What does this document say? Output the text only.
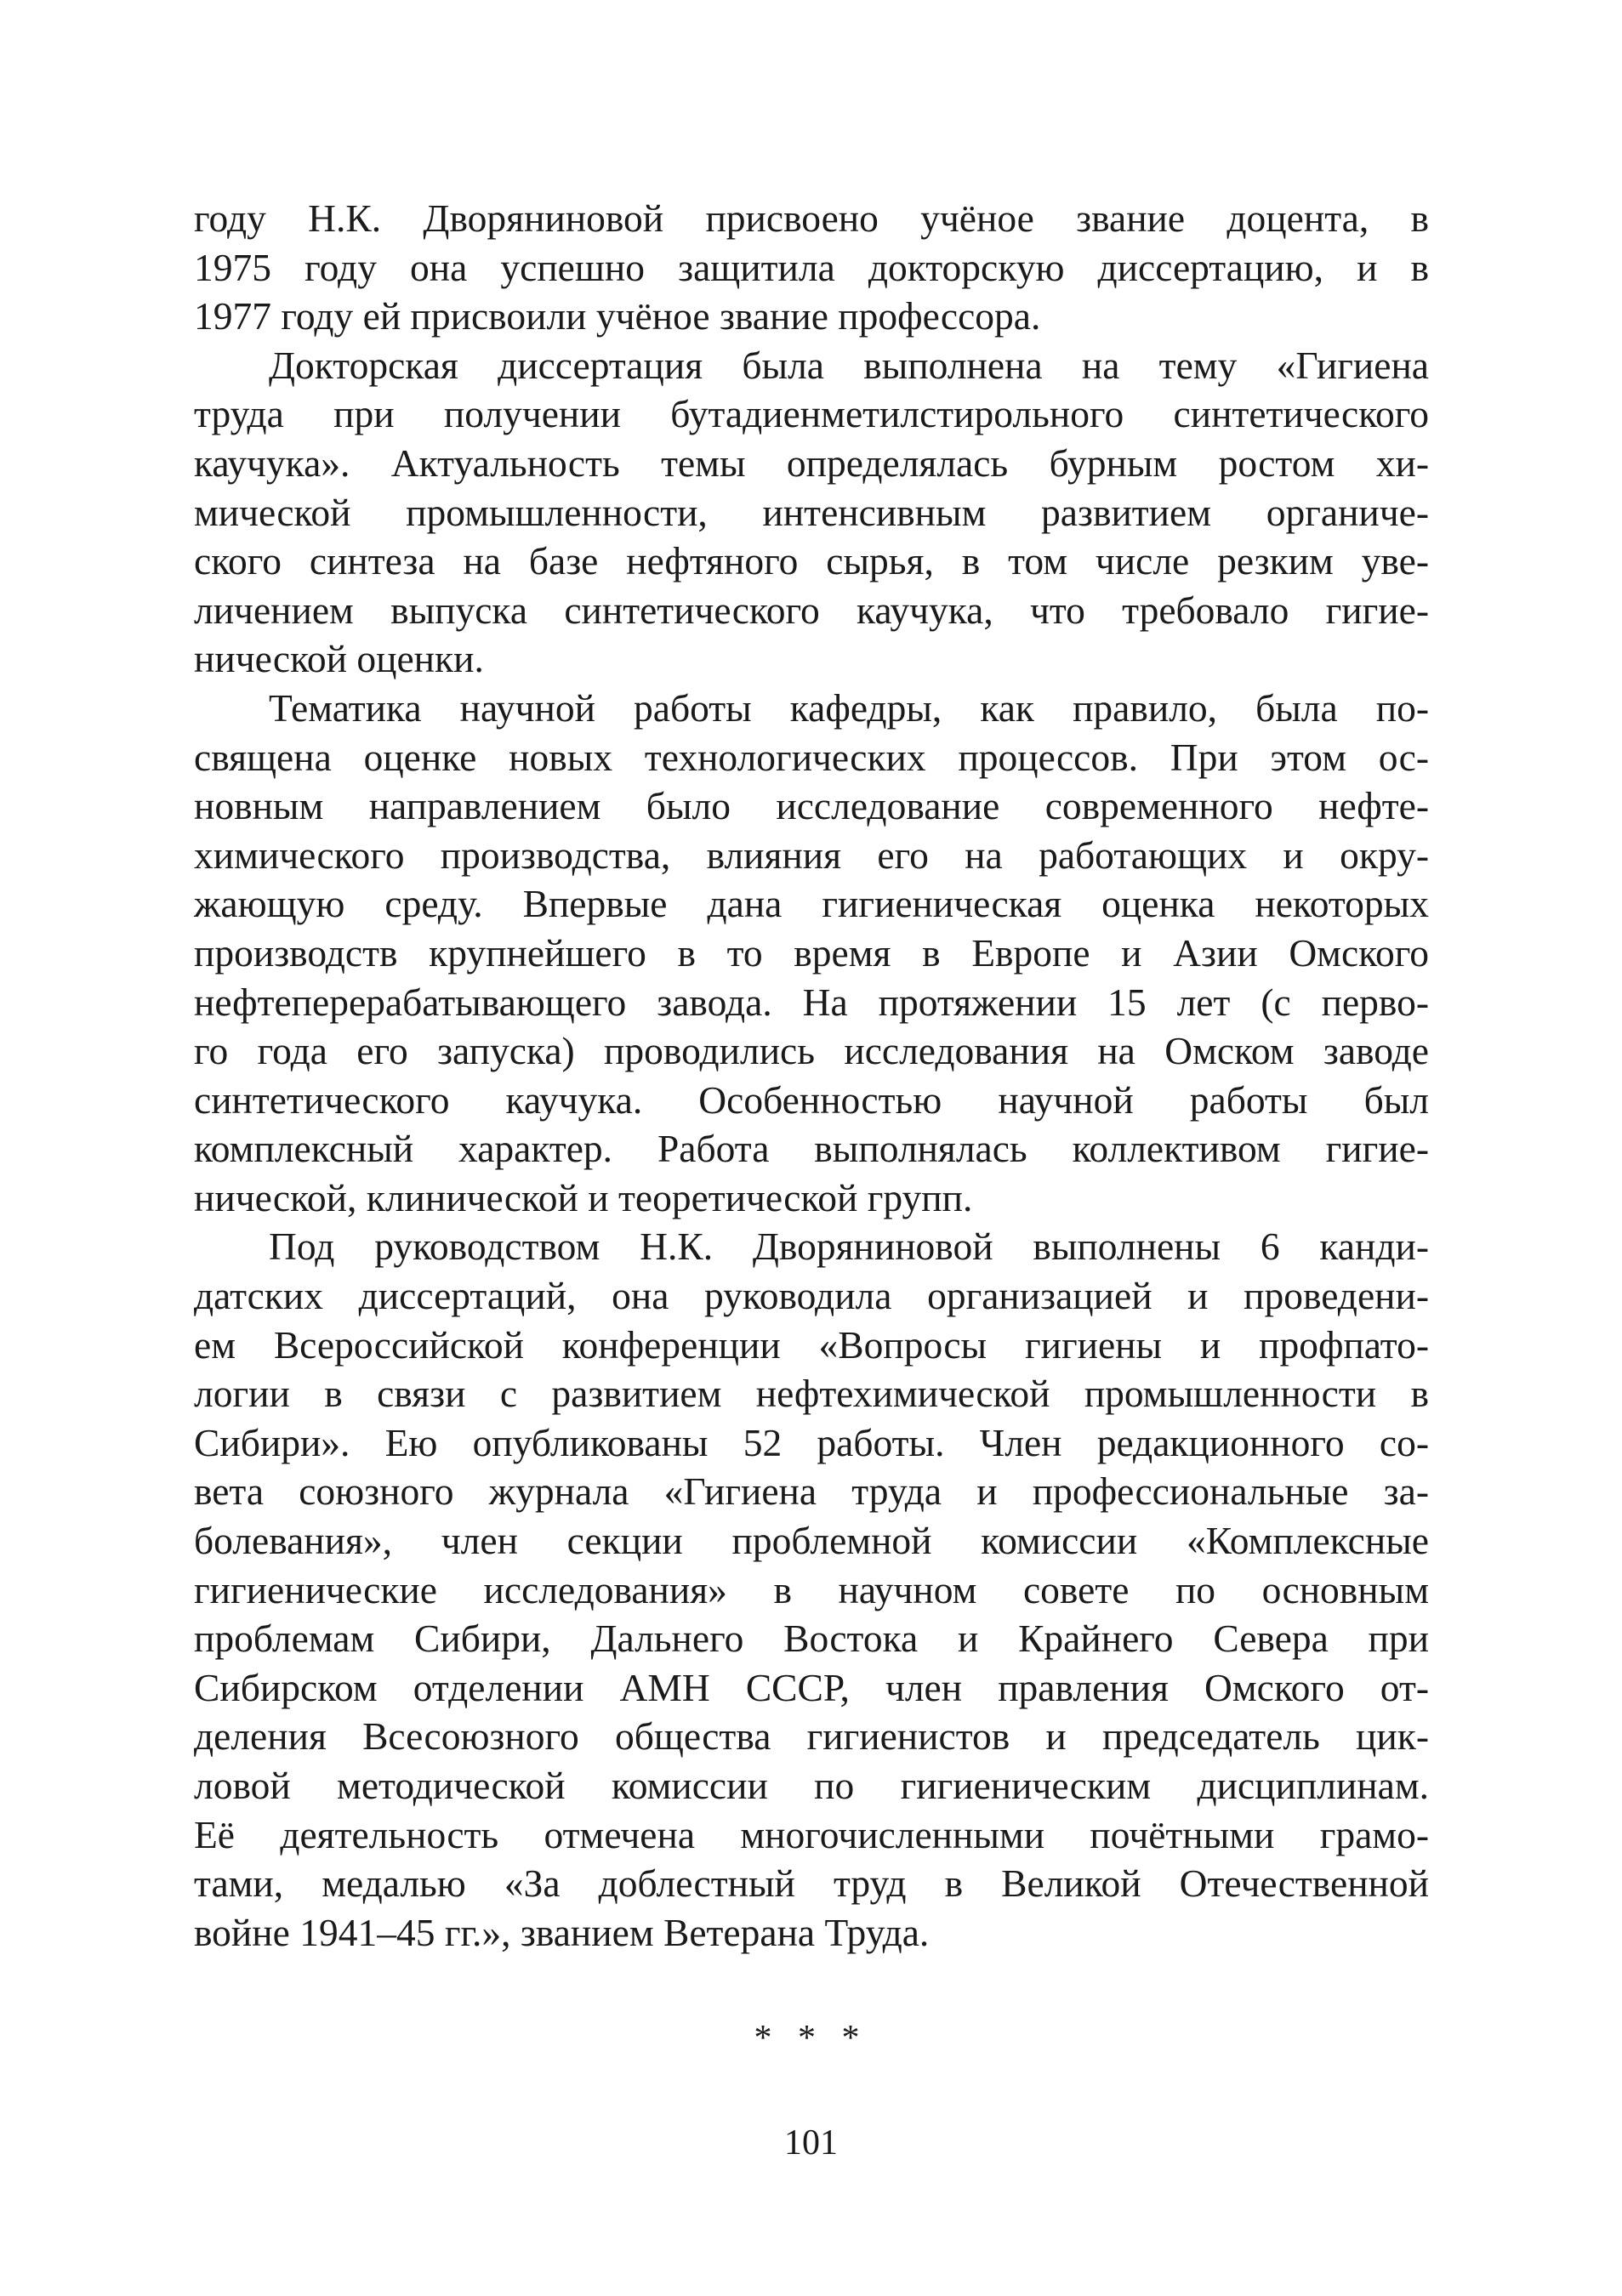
году Н.К. Дворяниновой присвоено учёное звание доцента, в
1975 году она успешно защитила докторскую диссертацию, и в
1977 году ей присвоили учёное звание профессора.
Докторская диссертация была выполнена на тему «Гигиена
труда при получении бутадиенметилстирольного синтетического
каучука». Актуальность темы определялась бурным ростом хи-
мической промышленности, интенсивным развитием органиче-
ского синтеза на базе нефтяного сырья, в том числе резким уве-
личением выпуска синтетического каучука, что требовало гигие-
нической оценки.
Тематика научной работы кафедры, как правило, была по-
священа оценке новых технологических процессов. При этом ос-
новным направлением было исследование современного нефте-
химического производства, влияния его на работающих и окру-
жающую среду. Впервые дана гигиеническая оценка некоторых
производств крупнейшего в то время в Европе и Азии Омского
нефтеперерабатывающего завода. На протяжении 15 лет (с перво-
го года его запуска) проводились исследования на Омском заводе
синтетического каучука. Особенностью научной работы был
комплексный характер. Работа выполнялась коллективом гигие-
нической, клинической и теоретической групп.
Под руководством Н.К. Дворяниновой выполнены 6 канди-
датских диссертаций, она руководила организацией и проведени-
ем Всероссийской конференции «Вопросы гигиены и профпато-
логии в связи с развитием нефтехимической промышленности в
Сибири». Ею опубликованы 52 работы. Член редакционного со-
вета союзного журнала «Гигиена труда и профессиональные за-
болевания», член секции проблемной комиссии «Комплексные
гигиенические исследования» в научном совете по основным
проблемам Сибири, Дальнего Востока и Крайнего Севера при
Сибирском отделении АМН СССР, член правления Омского от-
деления Всесоюзного общества гигиенистов и председатель цик-
ловой методической комиссии по гигиеническим дисциплинам.
Её деятельность отмечена многочисленными почётными грамо-
тами, медалью «За доблестный труд в Великой Отечественной
войне 1941–45 гг.», званием Ветерана Труда.
* * *
101
